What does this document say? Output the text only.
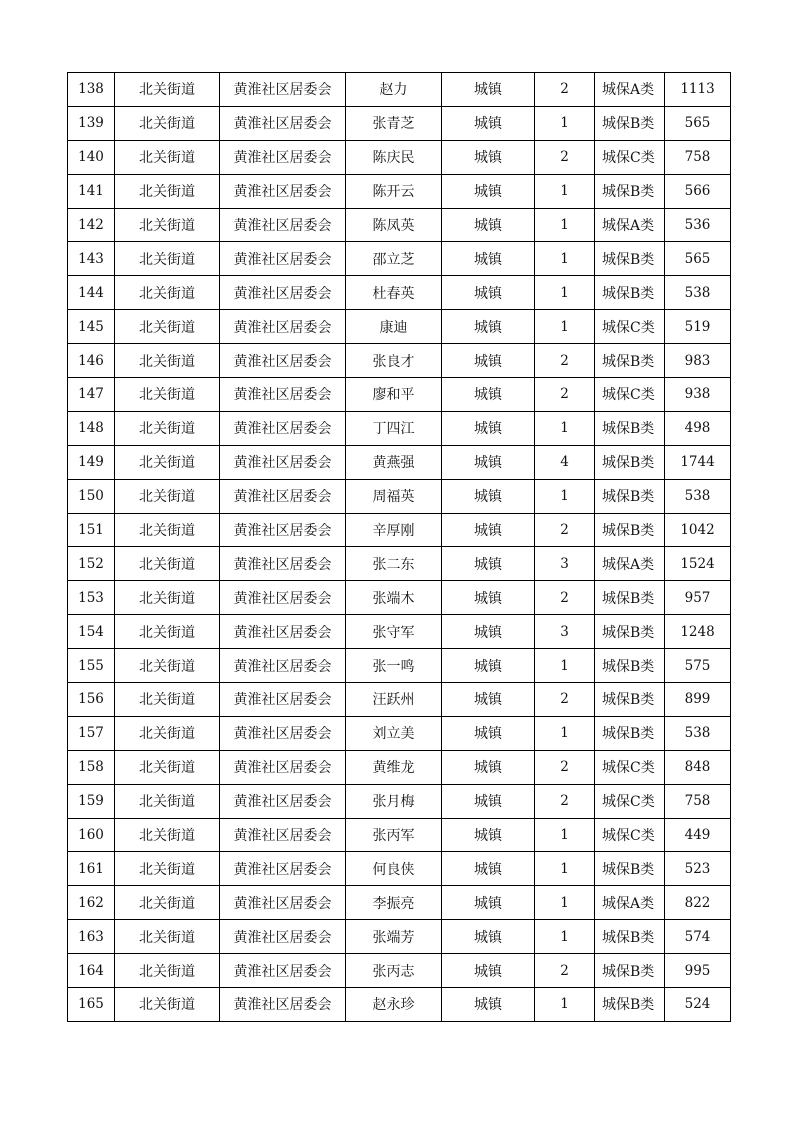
138	北关街道	黄淮社区居委会	赵力	城镇	2	城保A类	1113
139	北关街道	黄淮社区居委会	张青芝	城镇	1	城保B类	565
140	北关街道	黄淮社区居委会	陈庆民	城镇	2	城保C类	758
141	北关街道	黄淮社区居委会	陈开云	城镇	1	城保B类	566
142	北关街道	黄淮社区居委会	陈凤英	城镇	1	城保A类	536
143	北关街道	黄淮社区居委会	邵立芝	城镇	1	城保B类	565
144	北关街道	黄淮社区居委会	杜春英	城镇	1	城保B类	538
145	北关街道	黄淮社区居委会	康迪	城镇	1	城保C类	519
146	北关街道	黄淮社区居委会	张良才	城镇	2	城保B类	983
147	北关街道	黄淮社区居委会	廖和平	城镇	2	城保C类	938
148	北关街道	黄淮社区居委会	丁四江	城镇	1	城保B类	498
149	北关街道	黄淮社区居委会	黄燕强	城镇	4	城保B类	1744
150	北关街道	黄淮社区居委会	周福英	城镇	1	城保B类	538
151	北关街道	黄淮社区居委会	辛厚刚	城镇	2	城保B类	1042
152	北关街道	黄淮社区居委会	张二东	城镇	3	城保A类	1524
153	北关街道	黄淮社区居委会	张端木	城镇	2	城保B类	957
154	北关街道	黄淮社区居委会	张守军	城镇	3	城保B类	1248
155	北关街道	黄淮社区居委会	张一鸣	城镇	1	城保B类	575
156	北关街道	黄淮社区居委会	汪跃州	城镇	2	城保B类	899
157	北关街道	黄淮社区居委会	刘立美	城镇	1	城保B类	538
158	北关街道	黄淮社区居委会	黄维龙	城镇	2	城保C类	848
159	北关街道	黄淮社区居委会	张月梅	城镇	2	城保C类	758
160	北关街道	黄淮社区居委会	张丙军	城镇	1	城保C类	449
161	北关街道	黄淮社区居委会	何良侠	城镇	1	城保B类	523
162	北关街道	黄淮社区居委会	李振亮	城镇	1	城保A类	822
163	北关街道	黄淮社区居委会	张端芳	城镇	1	城保B类	574
164	北关街道	黄淮社区居委会	张丙志	城镇	2	城保B类	995
165	北关街道	黄淮社区居委会	赵永珍	城镇	1	城保B类	524
